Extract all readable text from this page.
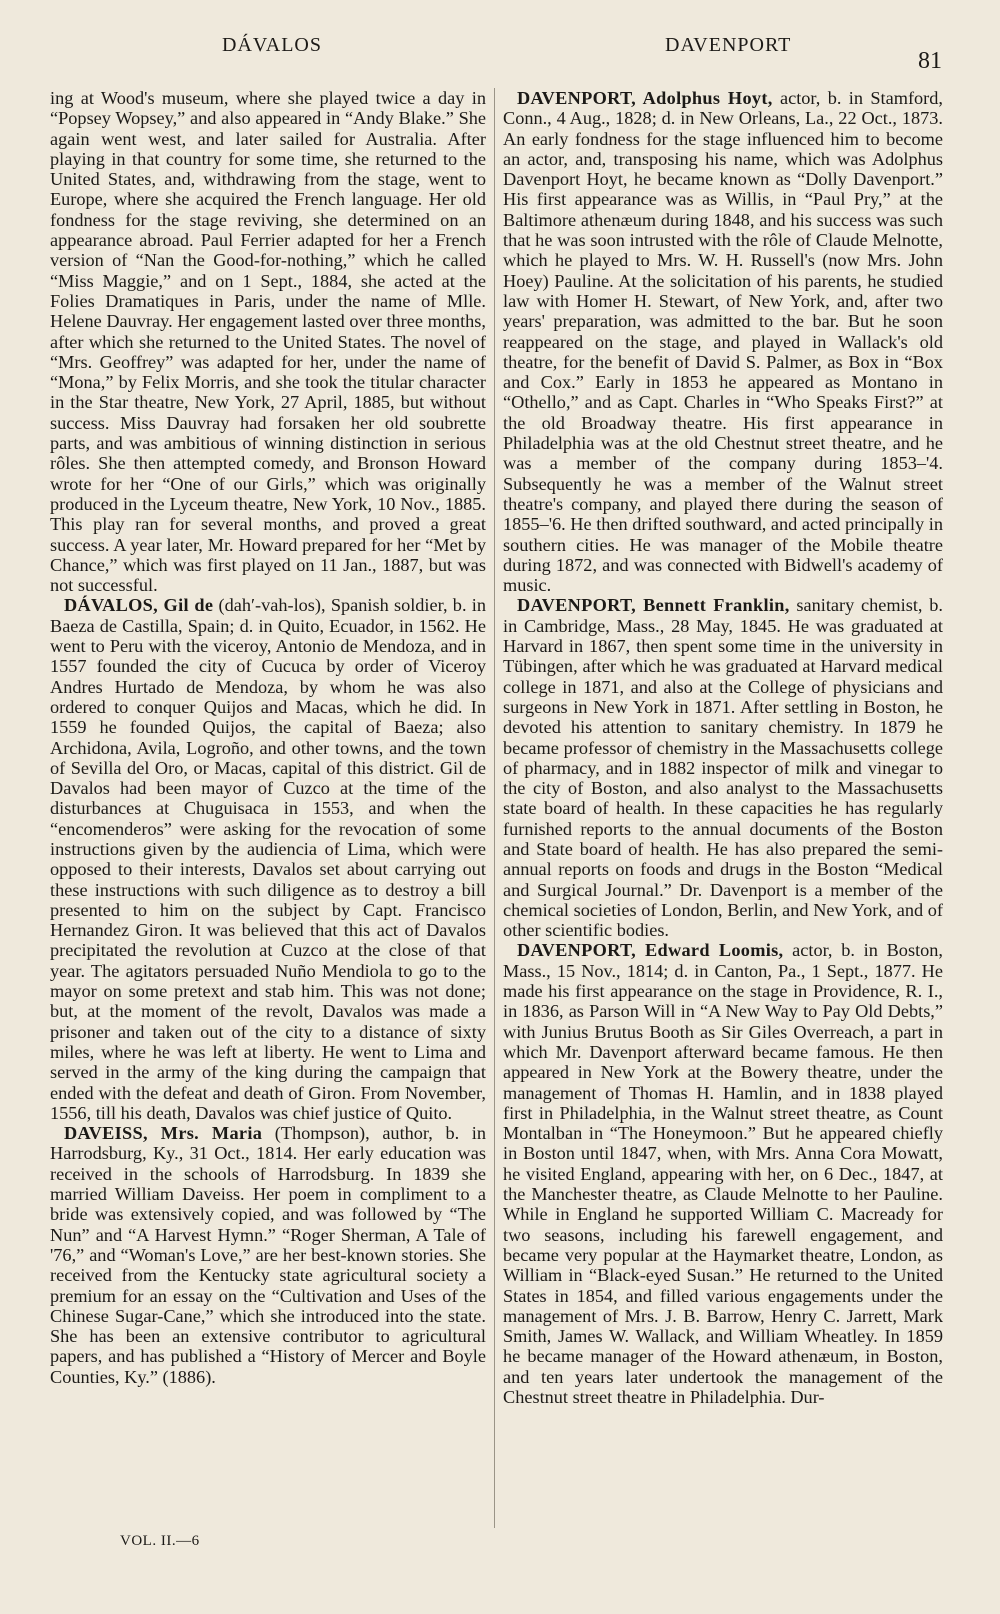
DÁVALOS	DAVENPORT
81

ing at Wood's museum, where she played twice a day in “Popsey Wopsey,” and also appeared in “Andy Blake.” She again went west, and later sailed for Australia. After playing in that country for some time, she returned to the United States, and, withdrawing from the stage, went to Europe, where she acquired the French language. Her old fondness for the stage reviving, she determined on an appearance abroad. Paul Ferrier adapted for her a French version of “Nan the Good-for-nothing,” which he called “Miss Maggie,” and on 1 Sept., 1884, she acted at the Folies Dramatiques in Paris, under the name of Mlle. Helene Dauvray. Her engagement lasted over three months, after which she returned to the United States. The novel of “Mrs. Geoffrey” was adapted for her, under the name of “Mona,” by Felix Morris, and she took the titular character in the Star theatre, New York, 27 April, 1885, but without success. Miss Dauvray had forsaken her old soubrette parts, and was ambitious of winning distinction in serious rôles. She then attempted comedy, and Bronson Howard wrote for her “One of our Girls,” which was originally produced in the Lyceum theatre, New York, 10 Nov., 1885. This play ran for several months, and proved a great success. A year later, Mr. Howard prepared for her “Met by Chance,” which was first played on 11 Jan., 1887, but was not successful.

DÁVALOS, Gil de (dah′-vah-los), Spanish soldier, b. in Baeza de Castilla, Spain; d. in Quito, Ecuador, in 1562. He went to Peru with the viceroy, Antonio de Mendoza, and in 1557 founded the city of Cucuca by order of Viceroy Andres Hurtado de Mendoza, by whom he was also ordered to conquer Quijos and Macas, which he did. In 1559 he founded Quijos, the capital of Baeza; also Archidona, Avila, Logroño, and other towns, and the town of Sevilla del Oro, or Macas, capital of this district. Gil de Davalos had been mayor of Cuzco at the time of the disturbances at Chuguisaca in 1553, and when the “encomenderos” were asking for the revocation of some instructions given by the audiencia of Lima, which were opposed to their interests, Davalos set about carrying out these instructions with such diligence as to destroy a bill presented to him on the subject by Capt. Francisco Hernandez Giron. It was believed that this act of Davalos precipitated the revolution at Cuzco at the close of that year. The agitators persuaded Nuño Mendiola to go to the mayor on some pretext and stab him. This was not done; but, at the moment of the revolt, Davalos was made a prisoner and taken out of the city to a distance of sixty miles, where he was left at liberty. He went to Lima and served in the army of the king during the campaign that ended with the defeat and death of Giron. From November, 1556, till his death, Davalos was chief justice of Quito.

DAVEISS, Mrs. Maria (Thompson), author, b. in Harrodsburg, Ky., 31 Oct., 1814. Her early education was received in the schools of Harrodsburg. In 1839 she married William Daveiss. Her poem in compliment to a bride was extensively copied, and was followed by “The Nun” and “A Harvest Hymn.” “Roger Sherman, A Tale of '76,” and “Woman's Love,” are her best-known stories. She received from the Kentucky state agricultural society a premium for an essay on the “Cultivation and Uses of the Chinese Sugar-Cane,” which she introduced into the state. She has been an extensive contributor to agricultural papers, and has published a “History of Mercer and Boyle Counties, Ky.” (1886).

DAVENPORT, Adolphus Hoyt, actor, b. in Stamford, Conn., 4 Aug., 1828; d. in New Orleans, La., 22 Oct., 1873. An early fondness for the stage influenced him to become an actor, and, transposing his name, which was Adolphus Davenport Hoyt, he became known as “Dolly Davenport.” His first appearance was as Willis, in “Paul Pry,” at the Baltimore athenæum during 1848, and his success was such that he was soon intrusted with the rôle of Claude Melnotte, which he played to Mrs. W. H. Russell's (now Mrs. John Hoey) Pauline. At the solicitation of his parents, he studied law with Homer H. Stewart, of New York, and, after two years' preparation, was admitted to the bar. But he soon reappeared on the stage, and played in Wallack's old theatre, for the benefit of David S. Palmer, as Box in “Box and Cox.” Early in 1853 he appeared as Montano in “Othello,” and as Capt. Charles in “Who Speaks First?” at the old Broadway theatre. His first appearance in Philadelphia was at the old Chestnut street theatre, and he was a member of the company during 1853–'4. Subsequently he was a member of the Walnut street theatre's company, and played there during the season of 1855–'6. He then drifted southward, and acted principally in southern cities. He was manager of the Mobile theatre during 1872, and was connected with Bidwell's academy of music.

DAVENPORT, Bennett Franklin, sanitary chemist, b. in Cambridge, Mass., 28 May, 1845. He was graduated at Harvard in 1867, then spent some time in the university in Tübingen, after which he was graduated at Harvard medical college in 1871, and also at the College of physicians and surgeons in New York in 1871. After settling in Boston, he devoted his attention to sanitary chemistry. In 1879 he became professor of chemistry in the Massachusetts college of pharmacy, and in 1882 inspector of milk and vinegar to the city of Boston, and also analyst to the Massachusetts state board of health. In these capacities he has regularly furnished reports to the annual documents of the Boston and State board of health. He has also prepared the semi-annual reports on foods and drugs in the Boston “Medical and Surgical Journal.” Dr. Davenport is a member of the chemical societies of London, Berlin, and New York, and of other scientific bodies.

DAVENPORT, Edward Loomis, actor, b. in Boston, Mass., 15 Nov., 1814; d. in Canton, Pa., 1 Sept., 1877. He made his first appearance on the stage in Providence, R. I., in 1836, as Parson Will in “A New Way to Pay Old Debts,” with Junius Brutus Booth as Sir Giles Overreach, a part in which Mr. Davenport afterward became famous. He then appeared in New York at the Bowery theatre, under the management of Thomas H. Hamlin, and in 1838 played first in Philadelphia, in the Walnut street theatre, as Count Montalban in “The Honeymoon.” But he appeared chiefly in Boston until 1847, when, with Mrs. Anna Cora Mowatt, he visited England, appearing with her, on 6 Dec., 1847, at the Manchester theatre, as Claude Melnotte to her Pauline. While in England he supported William C. Macready for two seasons, including his farewell engagement, and became very popular at the Haymarket theatre, London, as William in “Black-eyed Susan.” He returned to the United States in 1854, and filled various engagements under the management of Mrs. J. B. Barrow, Henry C. Jarrett, Mark Smith, James W. Wallack, and William Wheatley. In 1859 he became manager of the Howard athenæum, in Boston, and ten years later undertook the management of the Chestnut street theatre in Philadelphia. Dur-

VOL. II.—6
